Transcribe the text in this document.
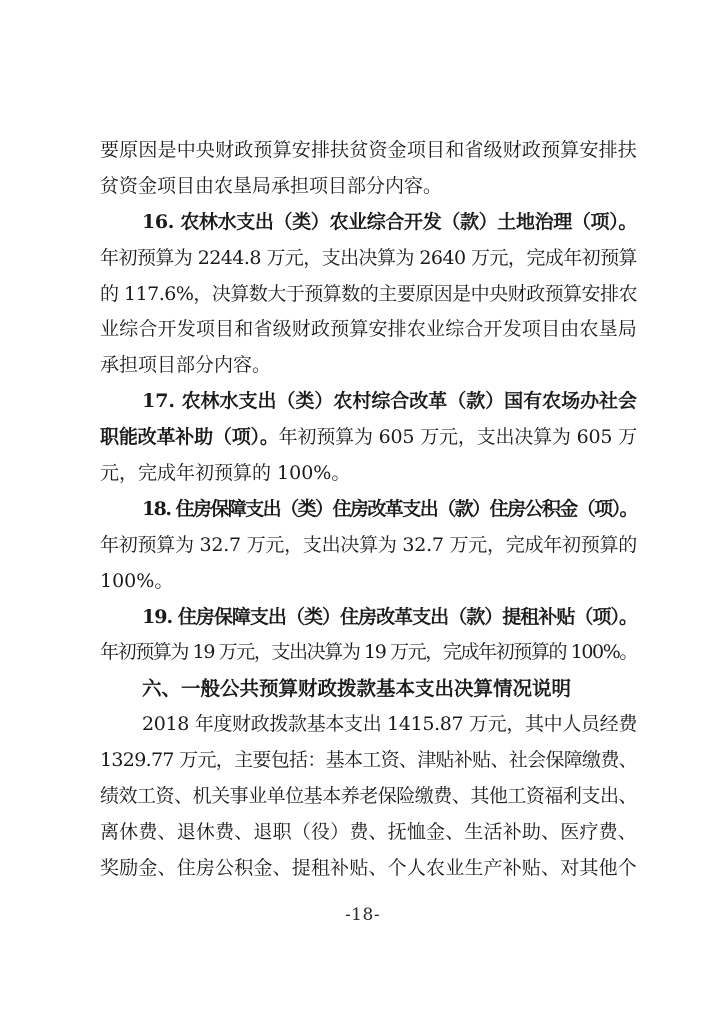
要原因是中央财政预算安排扶贫资金项目和省级财政预算安排扶
贫资金项目由农垦局承担项目部分内容。
16. 农林水支出（类）农业综合开发（款）土地治理（项）。
年初预算为 2244.8 万元，支出决算为 2640 万元，完成年初预算
的 117.6%，决算数大于预算数的主要原因是中央财政预算安排农
业综合开发项目和省级财政预算安排农业综合开发项目由农垦局
承担项目部分内容。
17. 农林水支出（类）农村综合改革（款）国有农场办社会
职能改革补助（项）。年初预算为 605 万元，支出决算为 605 万
元，完成年初预算的 100%。
18. 住房保障支出（类）住房改革支出（款）住房公积金（项）。
年初预算为 32.7 万元，支出决算为 32.7 万元，完成年初预算的
100%。
19. 住房保障支出（类）住房改革支出（款）提租补贴（项）。
年初预算为 19 万元，支出决算为 19 万元，完成年初预算的 100%。
六、一般公共预算财政拨款基本支出决算情况说明
2018 年度财政拨款基本支出 1415.87 万元，其中人员经费
1329.77 万元，主要包括：基本工资、津贴补贴、社会保障缴费、
绩效工资、机关事业单位基本养老保险缴费、其他工资福利支出、
离休费、退休费、退职（役）费、抚恤金、生活补助、医疗费、
奖励金、住房公积金、提租补贴、个人农业生产补贴、对其他个
-18-
